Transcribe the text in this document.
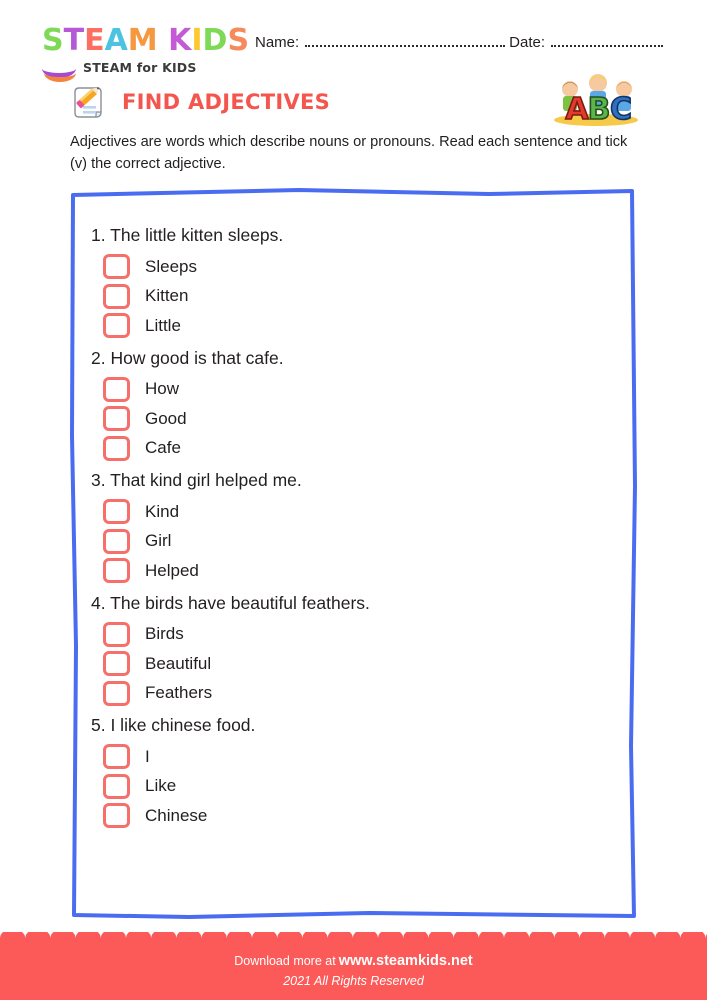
STEAM KIDS
STEAM for KIDS
Name:	Date:
FIND ADJECTIVES	A
B C
Adjectives are words which describe nouns or pronouns. Read each sentence and tick (v) the correct adjective.
1. The little kitten sleeps.
Sleeps
Kitten
Little
2. How good is that cafe.
How
Good
Cafe
3. That kind girl helped me.
Kind
Girl
Helped
4. The birds have beautiful feathers.
Birds
Beautiful
Feathers
5. I like chinese food.
I
Like
Chinese
Download more at www.steamkids.net
2021 All Rights Reserved
